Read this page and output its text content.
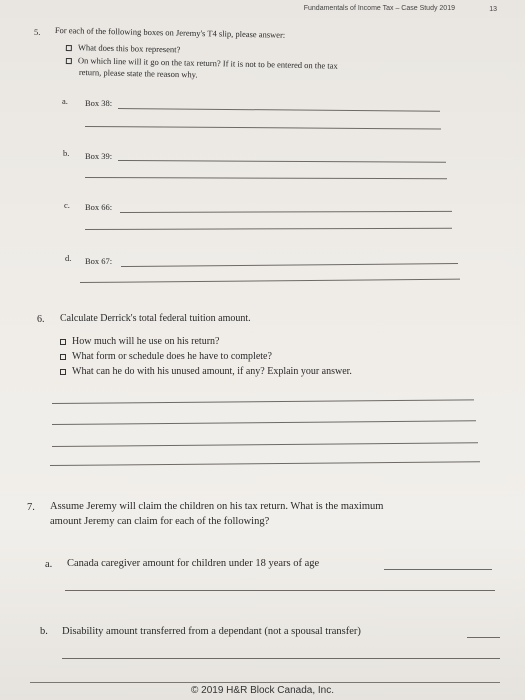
Fundamentals of Income Tax – Case Study 2019	13
5. For each of the following boxes on Jeremy's T4 slip, please answer:
What does this box represent?
On which line will it go on the tax return? If it is not to be entered on the tax
return, please state the reason why.
a. Box 38:
b. Box 39:
c. Box 66:
d. Box 67:
6. Calculate Derrick's total federal tuition amount.
How much will he use on his return?
What form or schedule does he have to complete?
What can he do with his unused amount, if any? Explain your answer.
7. Assume Jeremy will claim the children on his tax return. What is the maximum
amount Jeremy can claim for each of the following?
a. Canada caregiver amount for children under 18 years of age
b. Disability amount transferred from a dependant (not a spousal transfer)
© 2019 H&R Block Canada, Inc.
